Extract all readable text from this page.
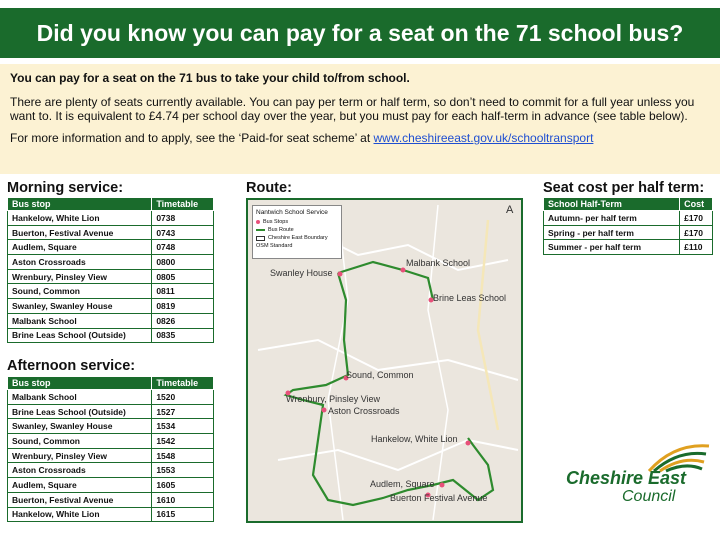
Did you know you can pay for a seat on the 71 school bus?
You can pay for a seat on the 71 bus to take your child to/from school.
There are plenty of seats currently available. You can pay per term or half term, so don’t need to commit for a full year unless you want to. It is equivalent to £4.74 per school day over the year, but you must pay for each half-term in advance (see table below).
For more information and to apply, see the ‘Paid-for seat scheme’ at www.cheshireeast.gov.uk/schooltransport
Morning service:
Bus stop	Timetable
Hankelow, White Lion	0738
Buerton, Festival Avenue	0743
Audlem, Square	0748
Aston Crossroads	0800
Wrenbury, Pinsley View	0805
Sound, Common	0811
Swanley, Swanley House	0819
Malbank School	0826
Brine Leas School (Outside)	0835
Afternoon service:
Bus stop	Timetable
Malbank School	1520
Brine Leas School (Outside)	1527
Swanley, Swanley House	1534
Sound, Common	1542
Wrenbury, Pinsley View	1548
Aston Crossroads	1553
Audlem, Square	1605
Buerton, Festival Avenue	1610
Hankelow, White Lion	1615
Route:
Nantwich School Service
Bus Stops
Bus Route
Cheshire East Boundary
OSM Standard
A
Malbank School
Swanley House
Brine Leas School
Sound, Common
Wrenbury, Pinsley View
Aston Crossroads
Hankelow, White Lion
Audlem, Square
Buerton Festival Avenue
Seat cost per half term:
School Half-Term	Cost
Autumn- per half term	£170
Spring - per half term	£170
Summer - per half term	£110
Cheshire East
Council
